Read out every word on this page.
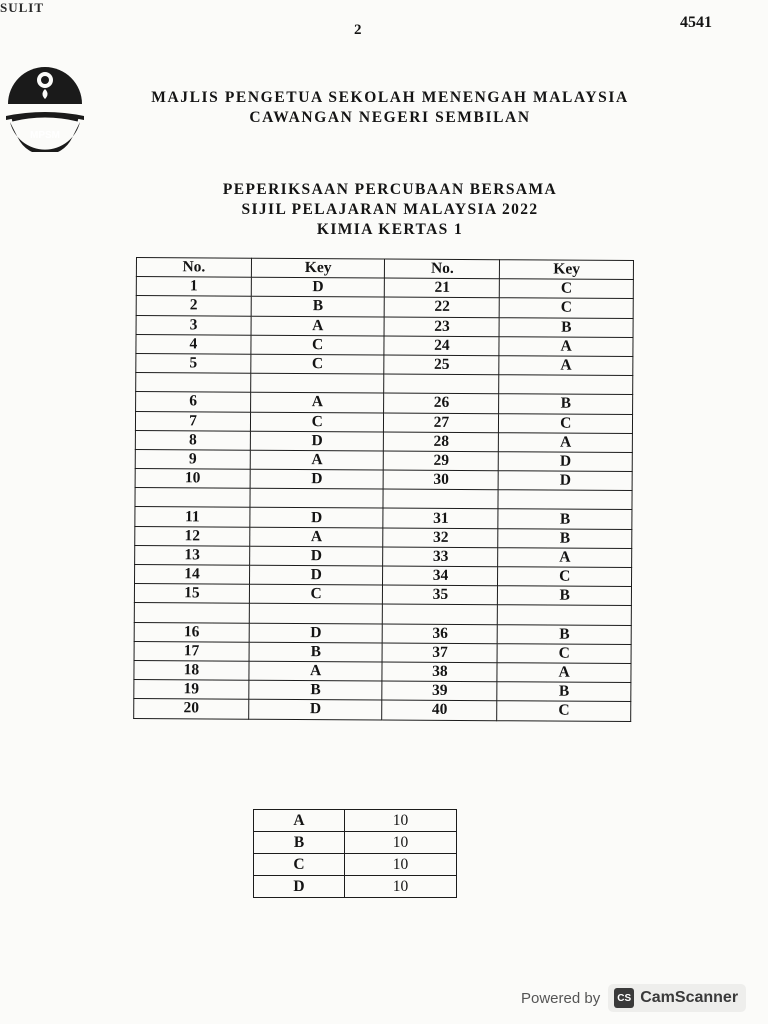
SULIT
2	4541
MPSM
MAJLIS PENGETUA SEKOLAH MENENGAH MALAYSIA
CAWANGAN NEGERI SEMBILAN
PEPERIKSAAN PERCUBAAN BERSAMA
SIJIL PELAJARAN MALAYSIA 2022
KIMIA KERTAS 1
No.	Key	No.	Key
1	D	21	C
2	B	22	C
3	A	23	B
4	C	24	A
5	C	25	A

6	A	26	B
7	C	27	C
8	D	28	A
9	A	29	D
10	D	30	D

11	D	31	B
12	A	32	B
13	D	33	A
14	D	34	C
15	C	35	B

16	D	36	B
17	B	37	C
18	A	38	A
19	B	39	B
20	D	40	C
A	10
B	10
C	10
D	10
Powered by	CS CamScanner
